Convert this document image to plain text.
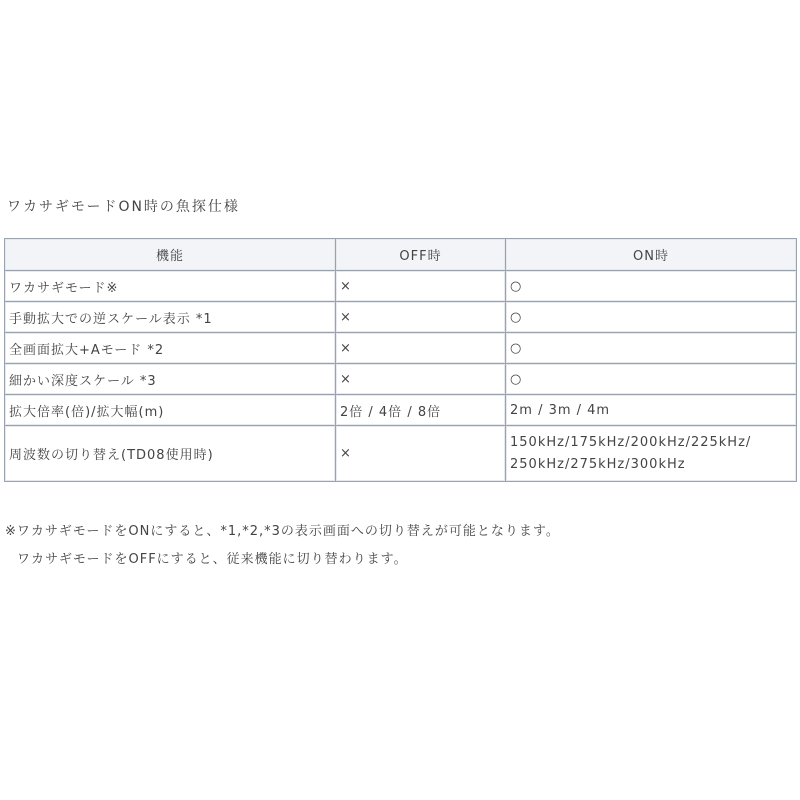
ワカサギモードON時の魚探仕様
機能	OFF時	ON時
ワカサギモード※	×	○
手動拡大での逆スケール表示 *1	×	○
全画面拡大+Aモード *2	×	○
細かい深度スケール *3	×	○
拡大倍率(倍)/拡大幅(m)	2倍 / 4倍 / 8倍	2m / 3m / 4m
周波数の切り替え(TD08使用時)	×	150kHz/175kHz/200kHz/225kHz/
250kHz/275kHz/300kHz
※ワカサギモードをONにすると、*1,*2,*3の表示画面への切り替えが可能となります。
ワカサギモードをOFFにすると、従来機能に切り替わります。
